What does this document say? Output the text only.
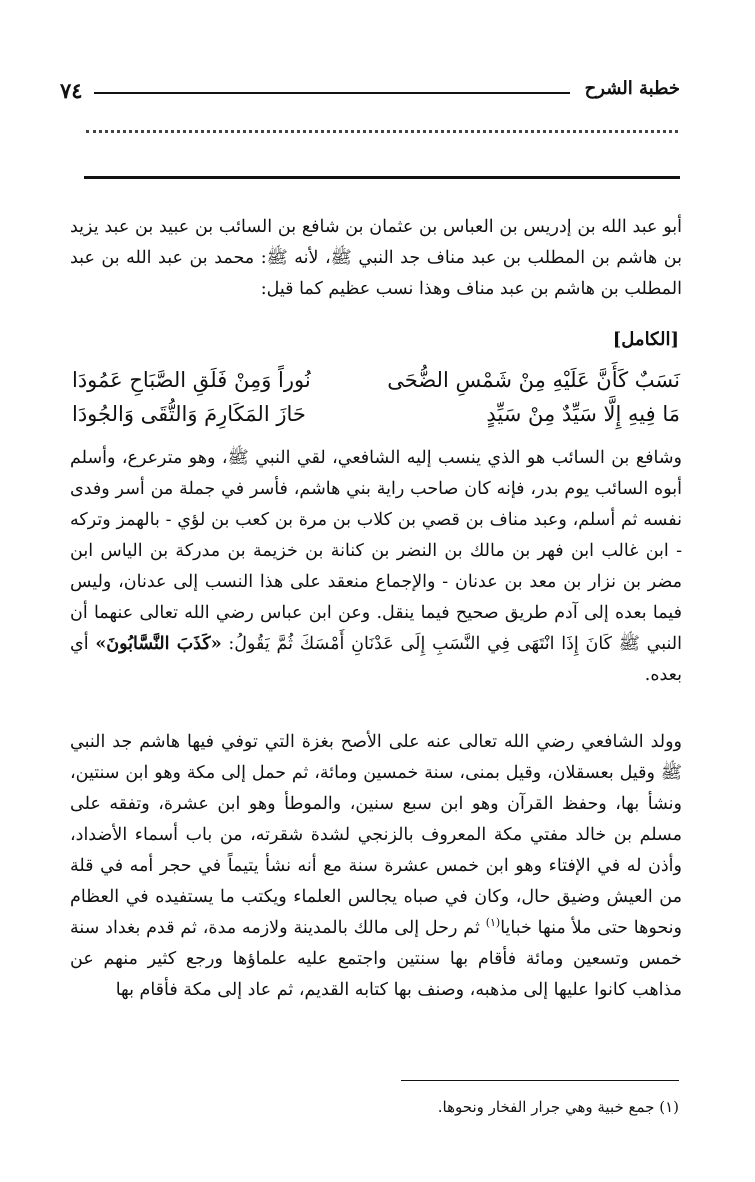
٧٤	خطبة الشرح
أبو عبد الله بن إدريس بن العباس بن عثمان بن شافع بن السائب بن عبيد بن عبد يزيد بن هاشم بن المطلب بن عبد مناف جد النبي ﷺ، لأنه ﷺ: محمد بن عبد الله بن عبد المطلب بن هاشم بن عبد مناف وهذا نسب عظيم كما قيل:
[الكامل]
نَسَبٌ كَأَنَّ عَلَيْهِ مِنْ شَمْسِ الضُّحَى
نُوراً وَمِنْ فَلَقِ الصَّبَاحِ عَمُودَا
مَا فِيهِ إِلَّا سَيِّدٌ مِنْ سَيِّدٍ
حَازَ المَكَارِمَ وَالتُّقَى وَالجُودَا
وشافع بن السائب هو الذي ينسب إليه الشافعي، لقي النبي ﷺ، وهو مترعرع، وأسلم أبوه السائب يوم بدر، فإنه كان صاحب راية بني هاشم، فأسر في جملة من أسر وفدى نفسه ثم أسلم، وعبد مناف بن قصي بن كلاب بن مرة بن كعب بن لؤي - بالهمز وتركه - ابن غالب ابن فهر بن مالك بن النضر بن كنانة بن خزيمة بن مدركة بن الياس ابن مضر بن نزار بن معد بن عدنان - والإجماع منعقد على هذا النسب إلى عدنان، وليس فيما بعده إلى آدم طريق صحيح فيما ينقل. وعن ابن عباس رضي الله تعالى عنهما أن النبي ﷺ كَانَ إِذَا انْتَهَى فِي النَّسَبِ إِلَى عَدْنَانِ أَمْسَكَ ثُمَّ يَقُولُ: «كَذَبَ النَّسَّابُونَ» أي بعده.
وولد الشافعي رضي الله تعالى عنه على الأصح بغزة التي توفي فيها هاشم جد النبي ﷺ وقيل بعسقلان، وقيل بمنى، سنة خمسين ومائة، ثم حمل إلى مكة وهو ابن سنتين، ونشأ بها، وحفظ القرآن وهو ابن سبع سنين، والموطأ وهو ابن عشرة، وتفقه على مسلم بن خالد مفتي مكة المعروف بالزنجي لشدة شقرته، من باب أسماء الأضداد، وأذن له في الإفتاء وهو ابن خمس عشرة سنة مع أنه نشأ يتيماً في حجر أمه في قلة من العيش وضيق حال، وكان في صباه يجالس العلماء ويكتب ما يستفيده في العظام ونحوها حتى ملأ منها خبايا$^{(١)}$ ثم رحل إلى مالك بالمدينة ولازمه مدة، ثم قدم بغداد سنة خمس وتسعين ومائة فأقام بها سنتين واجتمع عليه علماؤها ورجع كثير منهم عن مذاهب كانوا عليها إلى مذهبه، وصنف بها كتابه القديم، ثم عاد إلى مكة فأقام بها
(١) جمع خبية وهي جرار الفخار ونحوها.
